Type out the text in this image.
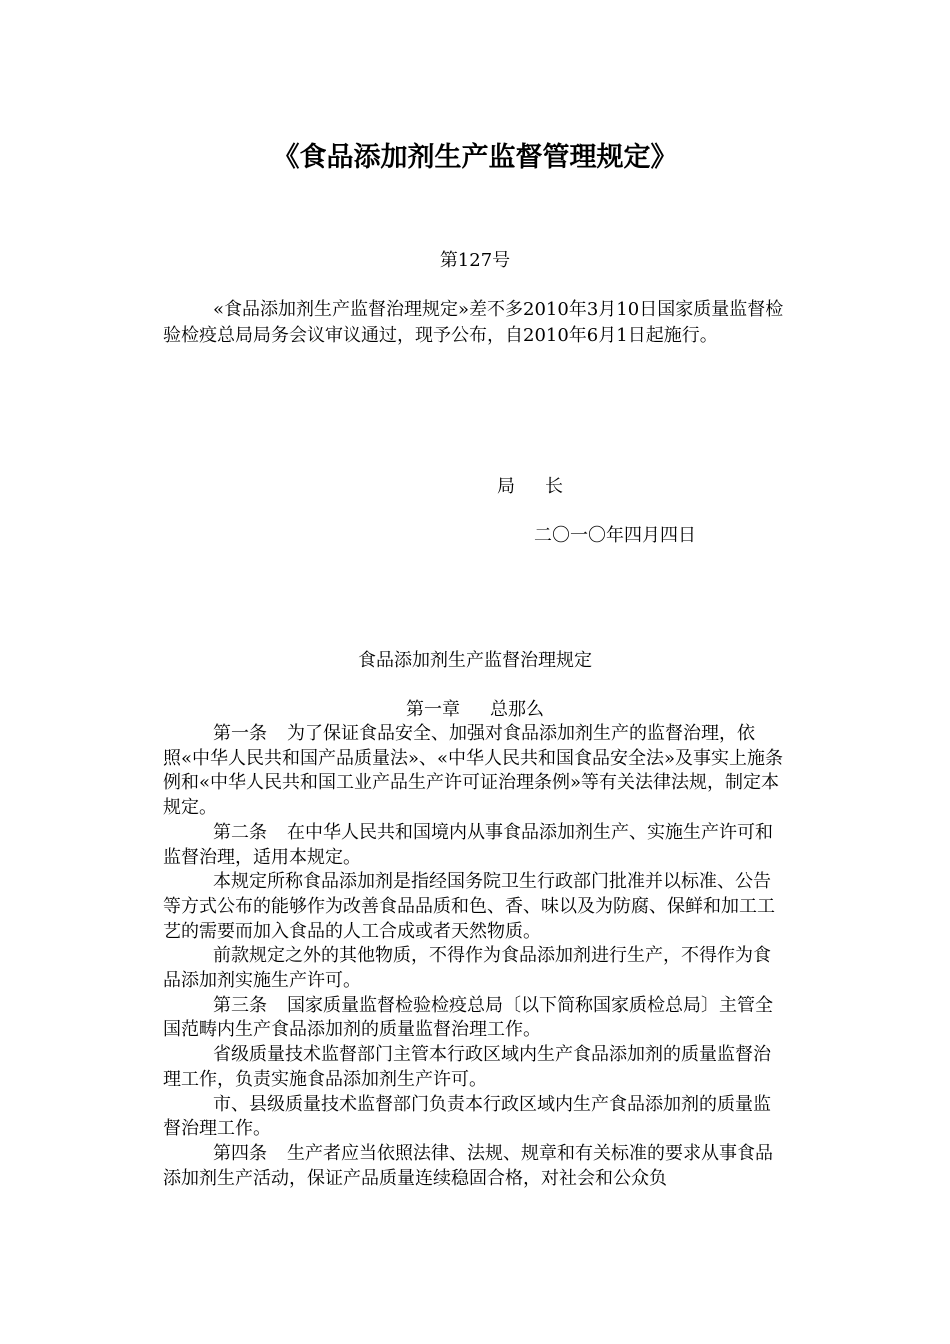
《食品添加剂生产监督管理规定》
第127号

«食品添加剂生产监督治理规定»差不多2010年3月10日国家质量监督检验检疫总局局务会议审议通过，现予公布，自2010年6月1日起施行。

局 长
二〇一〇年四月四日
食品添加剂生产监督治理规定
第一章 总那么

第一条 为了保证食品安全、加强对食品添加剂生产的监督治理，依照«中华人民共和国产品质量法»、«中华人民共和国食品安全法»及事实上施条例和«中华人民共和国工业产品生产许可证治理条例»等有关法律法规，制定本规定。

第二条 在中华人民共和国境内从事食品添加剂生产、实施生产许可和监督治理，适用本规定。

本规定所称食品添加剂是指经国务院卫生行政部门批准并以标准、公告等方式公布的能够作为改善食品品质和色、香、味以及为防腐、保鲜和加工工艺的需要而加入食品的人工合成或者天然物质。

前款规定之外的其他物质，不得作为食品添加剂进行生产，不得作为食品添加剂实施生产许可。

第三条 国家质量监督检验检疫总局〔以下简称国家质检总局〕主管全国范畴内生产食品添加剂的质量监督治理工作。

省级质量技术监督部门主管本行政区域内生产食品添加剂的质量监督治理工作，负责实施食品添加剂生产许可。

市、县级质量技术监督部门负责本行政区域内生产食品添加剂的质量监督治理工作。

第四条 生产者应当依照法律、法规、规章和有关标准的要求从事食品添加剂生产活动，保证产品质量连续稳固合格，对社会和公众负
